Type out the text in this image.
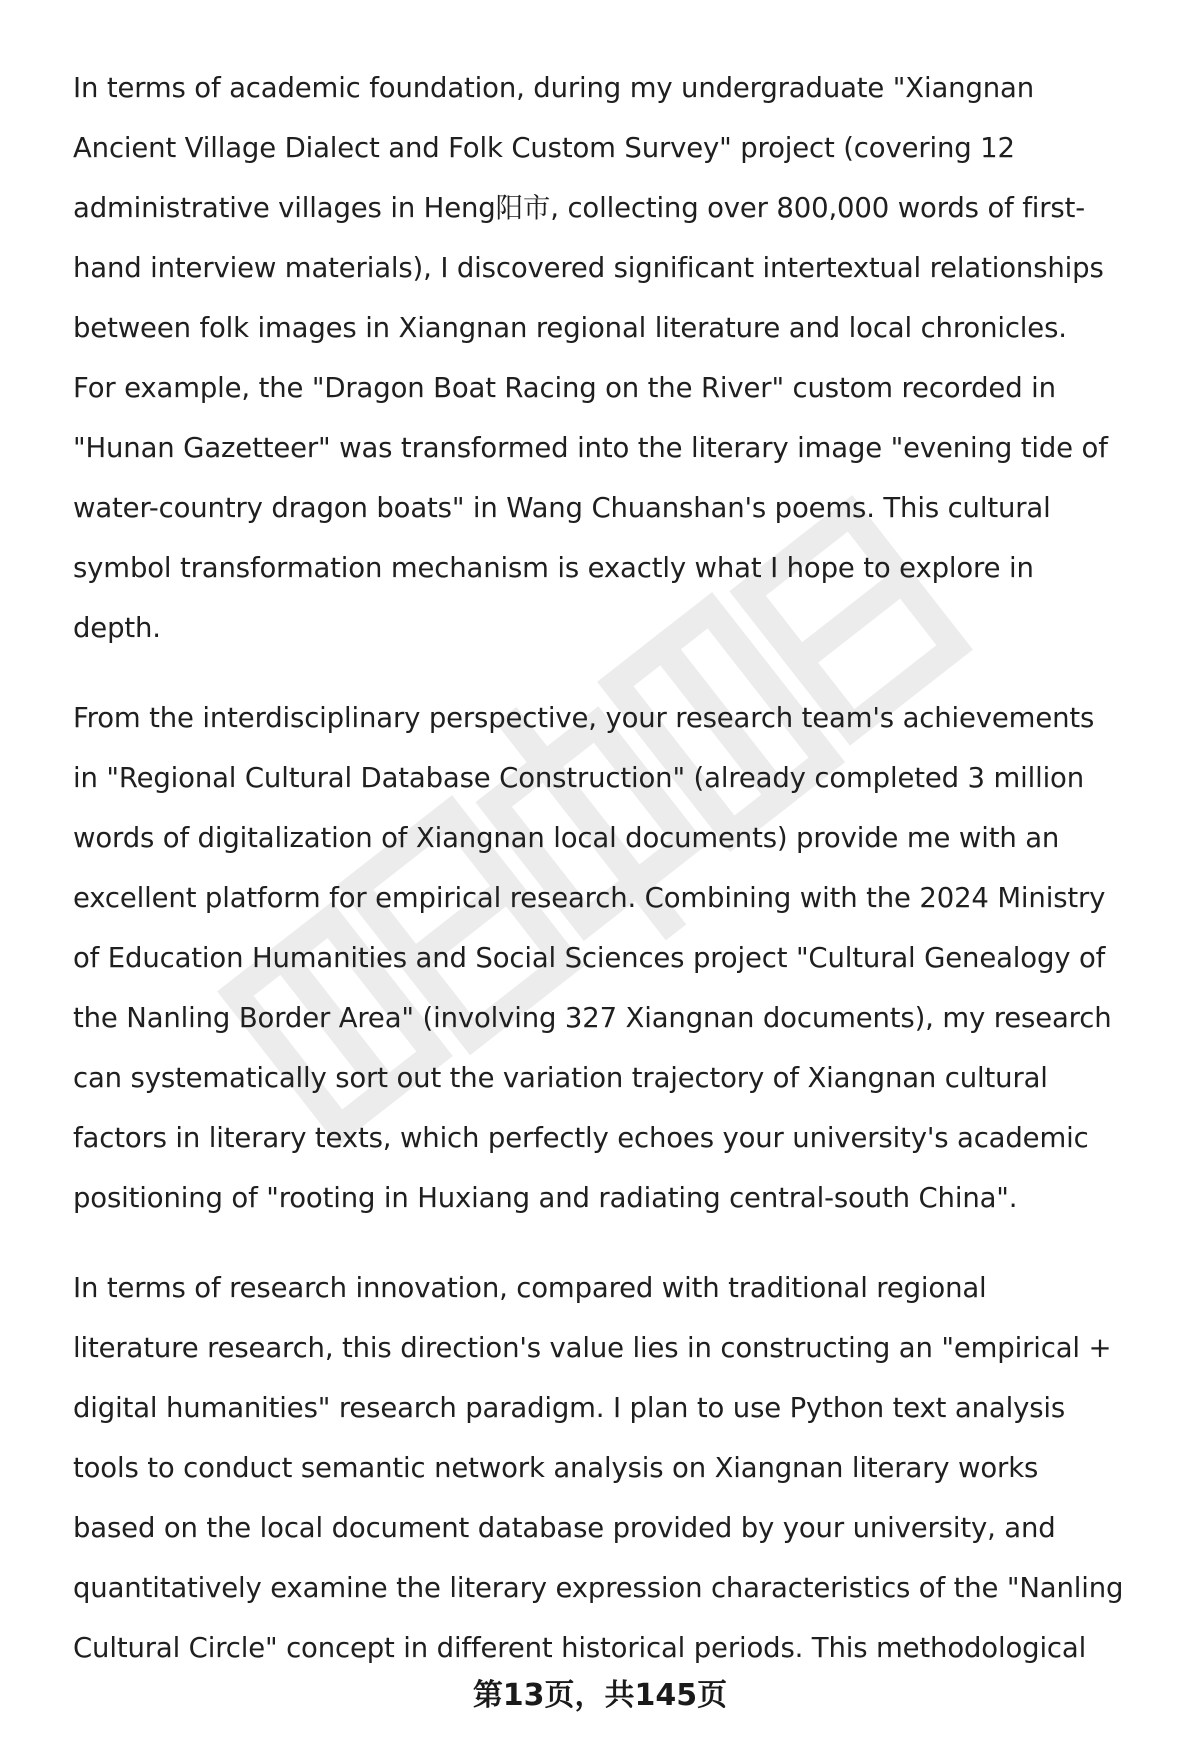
In terms of academic foundation, during my undergraduate "Xiangnan
Ancient Village Dialect and Folk Custom Survey" project (covering 12
administrative villages in Heng阳市, collecting over 800,000 words of first-
hand interview materials), I discovered significant intertextual relationships
between folk images in Xiangnan regional literature and local chronicles.
For example, the "Dragon Boat Racing on the River" custom recorded in
"Hunan Gazetteer" was transformed into the literary image "evening tide of
water-country dragon boats" in Wang Chuanshan's poems. This cultural
symbol transformation mechanism is exactly what I hope to explore in
depth.
From the interdisciplinary perspective, your research team's achievements
in "Regional Cultural Database Construction" (already completed 3 million
words of digitalization of Xiangnan local documents) provide me with an
excellent platform for empirical research. Combining with the 2024 Ministry
of Education Humanities and Social Sciences project "Cultural Genealogy of
the Nanling Border Area" (involving 327 Xiangnan documents), my research
can systematically sort out the variation trajectory of Xiangnan cultural
factors in literary texts, which perfectly echoes your university's academic
positioning of "rooting in Huxiang and radiating central-south China".
In terms of research innovation, compared with traditional regional
literature research, this direction's value lies in constructing an "empirical +
digital humanities" research paradigm. I plan to use Python text analysis
tools to conduct semantic network analysis on Xiangnan literary works
based on the local document database provided by your university, and
quantitatively examine the literary expression characteristics of the "Nanling
Cultural Circle" concept in different historical periods. This methodological
第13页，共145页
